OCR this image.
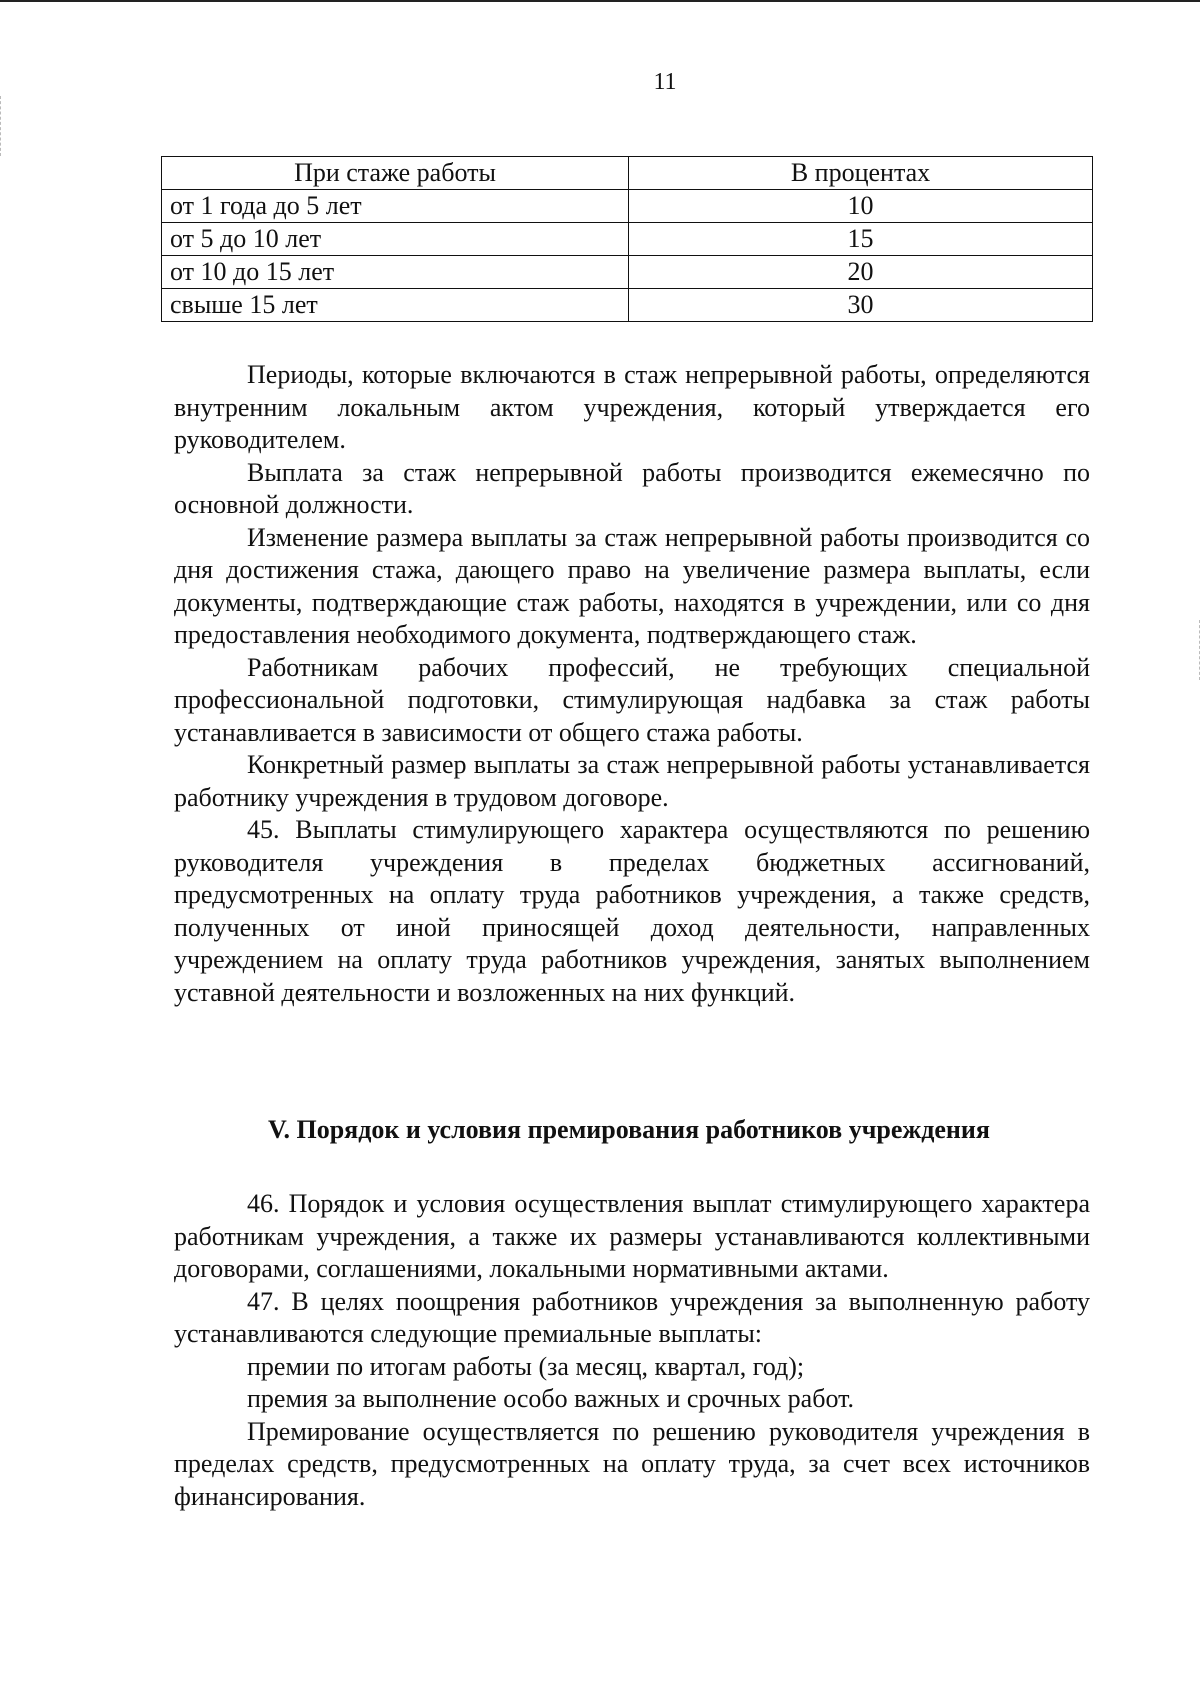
11
При стаже работы	В процентах
от 1 года до 5 лет	10
от 5 до 10 лет	15
от 10 до 15 лет	20
свыше 15 лет	30

Периоды, которые включаются в стаж непрерывной работы, определяются внутренним локальным актом учреждения, который утверждается его руководителем.

Выплата за стаж непрерывной работы производится ежемесячно по основной должности.

Изменение размера выплаты за стаж непрерывной работы производится со дня достижения стажа, дающего право на увеличение размера выплаты, если документы, подтверждающие стаж работы, находятся в учреждении, или со дня предоставления необходимого документа, подтверждающего стаж.

Работникам рабочих профессий, не требующих специальной профессиональной подготовки, стимулирующая надбавка за стаж работы устанавливается в зависимости от общего стажа работы.

Конкретный размер выплаты за стаж непрерывной работы устанавливается работнику учреждения в трудовом договоре.

45. Выплаты стимулирующего характера осуществляются по решению руководителя учреждения в пределах бюджетных ассигнований, предусмотренных на оплату труда работников учреждения, а также средств, полученных от иной приносящей доход деятельности, направленных учреждением на оплату труда работников учреждения, занятых выполнением уставной деятельности и возложенных на них функций.

V. Порядок и условия премирования работников учреждения

46. Порядок и условия осуществления выплат стимулирующего характера работникам учреждения, а также их размеры устанавливаются коллективными договорами, соглашениями, локальными нормативными актами.

47. В целях поощрения работников учреждения за выполненную работу устанавливаются следующие премиальные выплаты:

премии по итогам работы (за месяц, квартал, год);

премия за выполнение особо важных и срочных работ.

Премирование осуществляется по решению руководителя учреждения в пределах средств, предусмотренных на оплату труда, за счет всех источников финансирования.
